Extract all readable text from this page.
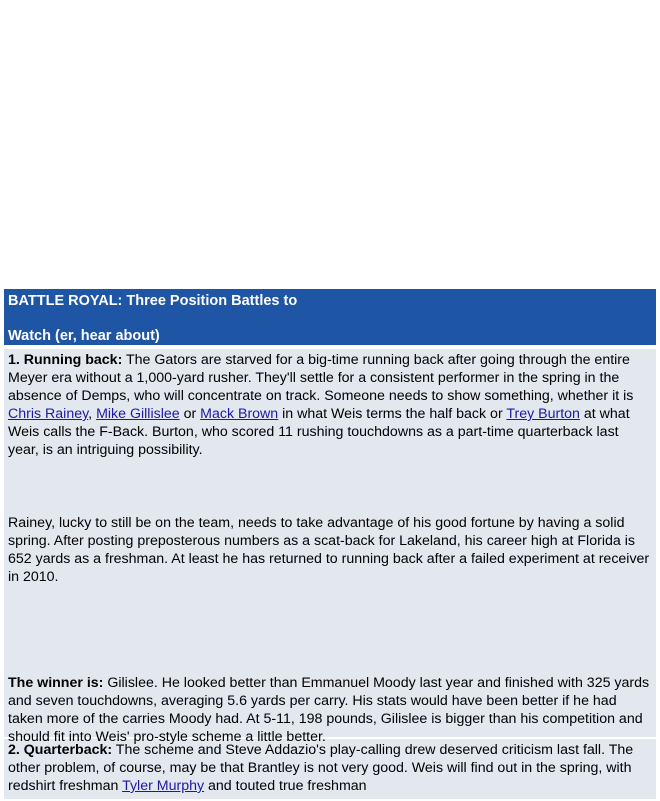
BATTLE ROYAL: Three Position Battles to
Watch (er, hear about)

1. Running back: The Gators are starved for a big-time running back after going through the entire Meyer era without a 1,000-yard rusher. They'll settle for a consistent performer in the spring in the absence of Demps, who will concentrate on track. Someone needs to show something, whether it is Chris Rainey, Mike Gillislee or Mack Brown in what Weis terms the half back or Trey Burton at what Weis calls the F-Back. Burton, who scored 11 rushing touchdowns as a part-time quarterback last year, is an intriguing possibility.

Rainey, lucky to still be on the team, needs to take advantage of his good fortune by having a solid spring. After posting preposterous numbers as a scat-back for Lakeland, his career high at Florida is 652 yards as a freshman. At least he has returned to running back after a failed experiment at receiver in 2010.

The winner is: Gilislee. He looked better than Emmanuel Moody last year and finished with 325 yards and seven touchdowns, averaging 5.6 yards per carry. His stats would have been better if he had taken more of the carries Moody had. At 5-11, 198 pounds, Gilislee is bigger than his competition and should fit into Weis' pro-style scheme a little better.

2. Quarterback: The scheme and Steve Addazio's play-calling drew deserved criticism last fall. The other problem, of course, may be that Brantley is not very good. Weis will find out in the spring, with redshirt freshman Tyler Murphy and touted true freshman
